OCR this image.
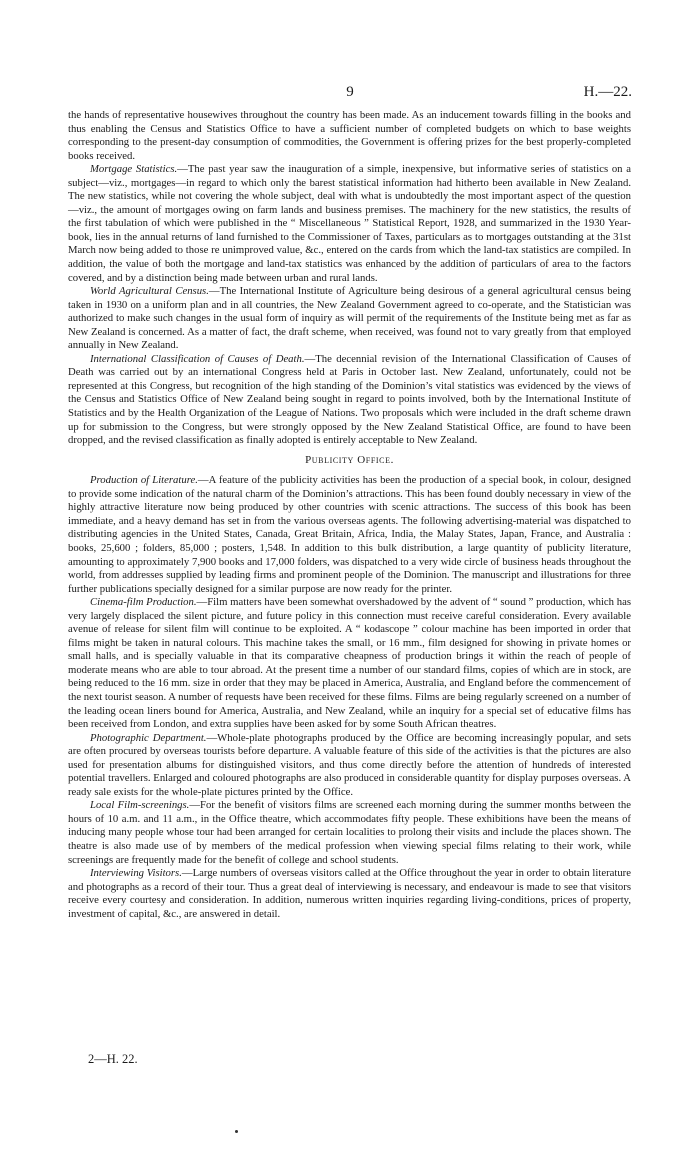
9	H.—22.

the hands of representative housewives throughout the country has been made. As an inducement towards filling in the books and thus enabling the Census and Statistics Office to have a sufficient number of completed budgets on which to base weights corresponding to the present-day consumption of commodities, the Government is offering prizes for the best properly-completed books received.

Mortgage Statistics.—The past year saw the inauguration of a simple, inexpensive, but informative series of statistics on a subject—viz., mortgages—in regard to which only the barest statistical information had hitherto been available in New Zealand. The new statistics, while not covering the whole subject, deal with what is undoubtedly the most important aspect of the question—viz., the amount of mortgages owing on farm lands and business premises. The machinery for the new statistics, the results of the first tabulation of which were published in the “ Miscellaneous ” Statistical Report, 1928, and summarized in the 1930 Year-book, lies in the annual returns of land furnished to the Commissioner of Taxes, particulars as to mortgages outstanding at the 31st March now being added to those re unimproved value, &c., entered on the cards from which the land-tax statistics are compiled. In addition, the value of both the mortgage and land-tax statistics was enhanced by the addition of particulars of area to the factors covered, and by a distinction being made between urban and rural lands.

World Agricultural Census.—The International Institute of Agriculture being desirous of a general agricultural census being taken in 1930 on a uniform plan and in all countries, the New Zealand Government agreed to co-operate, and the Statistician was authorized to make such changes in the usual form of inquiry as will permit of the requirements of the Institute being met as far as New Zealand is concerned. As a matter of fact, the draft scheme, when received, was found not to vary greatly from that employed annually in New Zealand.

International Classification of Causes of Death.—The decennial revision of the International Classification of Causes of Death was carried out by an international Congress held at Paris in October last. New Zealand, unfortunately, could not be represented at this Congress, but recognition of the high standing of the Dominion’s vital statistics was evidenced by the views of the Census and Statistics Office of New Zealand being sought in regard to points involved, both by the International Institute of Statistics and by the Health Organization of the League of Nations. Two proposals which were included in the draft scheme drawn up for submission to the Congress, but were strongly opposed by the New Zealand Statistical Office, are found to have been dropped, and the revised classification as finally adopted is entirely acceptable to New Zealand.

Publicity Office.

Production of Literature.—A feature of the publicity activities has been the production of a special book, in colour, designed to provide some indication of the natural charm of the Dominion’s attractions. This has been found doubly necessary in view of the highly attractive literature now being produced by other countries with scenic attractions. The success of this book has been immediate, and a heavy demand has set in from the various overseas agents. The following advertising-material was dispatched to distributing agencies in the United States, Canada, Great Britain, Africa, India, the Malay States, Japan, France, and Australia : books, 25,600 ; folders, 85,000 ; posters, 1,548. In addition to this bulk distribution, a large quantity of publicity literature, amounting to approximately 7,900 books and 17,000 folders, was dispatched to a very wide circle of business heads throughout the world, from addresses supplied by leading firms and prominent people of the Dominion. The manuscript and illustrations for three further publications specially designed for a similar purpose are now ready for the printer.

Cinema-film Production.—Film matters have been somewhat overshadowed by the advent of “ sound ” production, which has very largely displaced the silent picture, and future policy in this connection must receive careful consideration. Every available avenue of release for silent film will continue to be exploited. A “ kodascope ” colour machine has been imported in order that films might be taken in natural colours. This machine takes the small, or 16 mm., film designed for showing in private homes or small halls, and is specially valuable in that its comparative cheapness of production brings it within the reach of people of moderate means who are able to tour abroad. At the present time a number of our standard films, copies of which are in stock, are being reduced to the 16 mm. size in order that they may be placed in America, Australia, and England before the commencement of the next tourist season. A number of requests have been received for these films. Films are being regularly screened on a number of the leading ocean liners bound for America, Australia, and New Zealand, while an inquiry for a special set of educative films has been received from London, and extra supplies have been asked for by some South African theatres.

Photographic Department.—Whole-plate photographs produced by the Office are becoming increasingly popular, and sets are often procured by overseas tourists before departure. A valuable feature of this side of the activities is that the pictures are also used for presentation albums for distinguished visitors, and thus come directly before the attention of hundreds of interested potential travellers. Enlarged and coloured photographs are also produced in considerable quantity for display purposes overseas. A ready sale exists for the whole-plate pictures printed by the Office.

Local Film-screenings.—For the benefit of visitors films are screened each morning during the summer months between the hours of 10 a.m. and 11 a.m., in the Office theatre, which accommodates fifty people. These exhibitions have been the means of inducing many people whose tour had been arranged for certain localities to prolong their visits and include the places shown. The theatre is also made use of by members of the medical profession when viewing special films relating to their work, while screenings are frequently made for the benefit of college and school students.

Interviewing Visitors.—Large numbers of overseas visitors called at the Office throughout the year in order to obtain literature and photographs as a record of their tour. Thus a great deal of interviewing is necessary, and endeavour is made to see that visitors receive every courtesy and consideration. In addition, numerous written inquiries regarding living-conditions, prices of property, investment of capital, &c., are answered in detail.

2—H. 22.
